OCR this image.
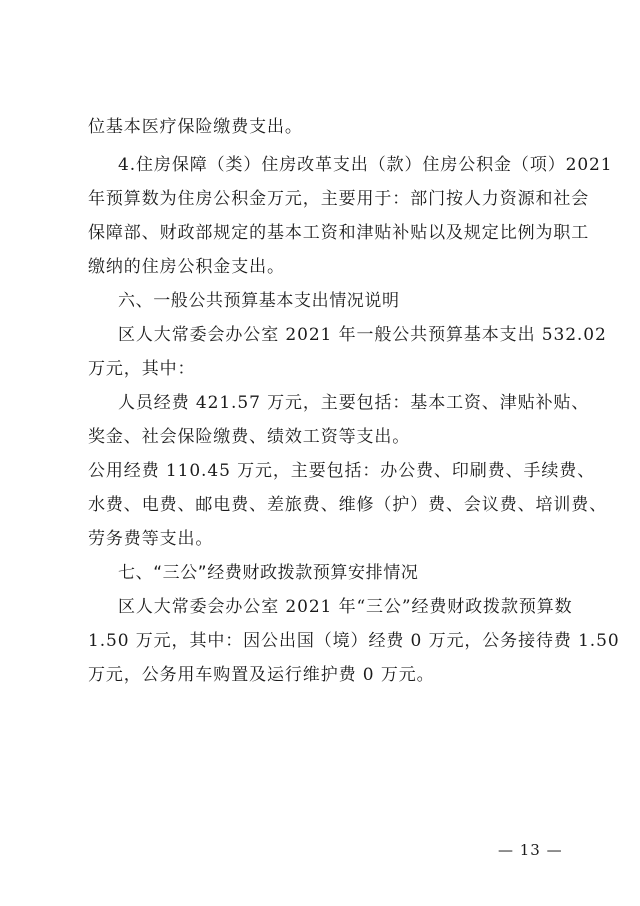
位基本医疗保险缴费支出。
4.住房保障（类）住房改革支出（款）住房公积金（项）2021
年预算数为住房公积金万元，主要用于：部门按人力资源和社会
保障部、财政部规定的基本工资和津贴补贴以及规定比例为职工
缴纳的住房公积金支出。
六、一般公共预算基本支出情况说明
区人大常委会办公室 2021 年一般公共预算基本支出 532.02
万元，其中：
人员经费 421.57 万元，主要包括：基本工资、津贴补贴、
奖金、社会保险缴费、绩效工资等支出。
公用经费 110.45 万元，主要包括：办公费、印刷费、手续费、
水费、电费、邮电费、差旅费、维修（护）费、会议费、培训费、
劳务费等支出。
七、“三公”经费财政拨款预算安排情况
区人大常委会办公室 2021 年“三公”经费财政拨款预算数
1.50 万元，其中：因公出国（境）经费 0 万元，公务接待费 1.50
万元，公务用车购置及运行维护费 0 万元。
— 13 —
